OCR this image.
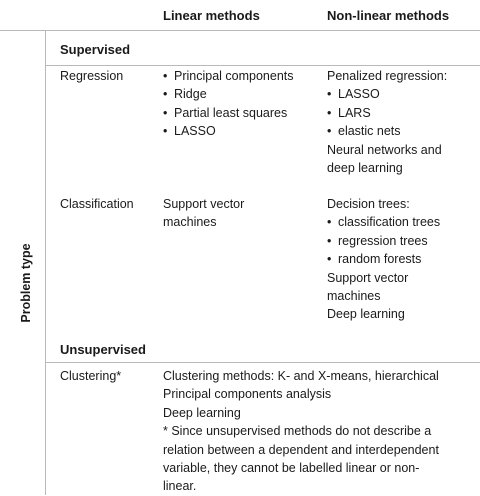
Linear methods	Non-linear methods
Problem type
Supervised
Regression
•	Principal components
• Ridge
• Partial least squares
• LASSO
Penalized regression:
• LASSO
• LARS
• elastic nets
Neural networks and
deep learning
Classification Support vector
machines
Decision trees:
• classification trees
• regression trees
• random forests
Support vector
machines
Deep learning
Unsupervised
Clustering*	Clustering methods: K- and X-means, hierarchical
Principal components analysis
Deep learning
* Since unsupervised methods do not describe a
relation between a dependent and interdependent
variable, they cannot be labelled linear or non-
linear.
